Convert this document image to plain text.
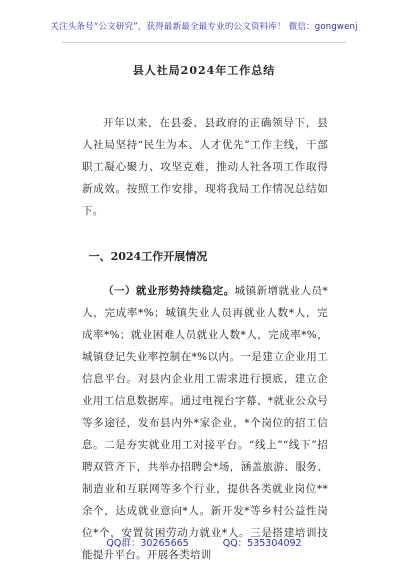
关注头条号“公文研究”，获得最新最全最专业的公文资料库！ 微信：gongwenj
县人社局2024年工作总结

开年以来，在县委、县政府的正确领导下，县人社局坚持“民生为本、人才优先”工作主线，干部职工凝心聚力、攻坚克难，推动人社各项工作取得新成效。按照工作安排，现将我局工作情况总结如下。

一、2024工作开展情况

（一）就业形势持续稳定。城镇新增就业人员*人，完成率*%；城镇失业人员再就业人数*人，完成率*%；就业困难人员就业人数*人，完成率*%，城镇登记失业率控制在*%以内。一是建立企业用工信息平台。对县内企业用工需求进行摸底，建立企业用工信息数据库。通过电视台字幕、*就业公众号等多途径，发布县内外*家企业，*个岗位的招工信息。二是夯实就业用工对接平台。“线上”“线下”招聘双管齐下，共举办招聘会*场，涵盖旅游、服务、制造业和互联网等多个行业，提供各类就业岗位**余个，达成就业意向*人。新开发*等乡村公益性岗位*个，安置贫困劳动力就业*人。三是搭建培训技能提升平台。开展各类培训

QQ群：30265665	QQ：535304092
